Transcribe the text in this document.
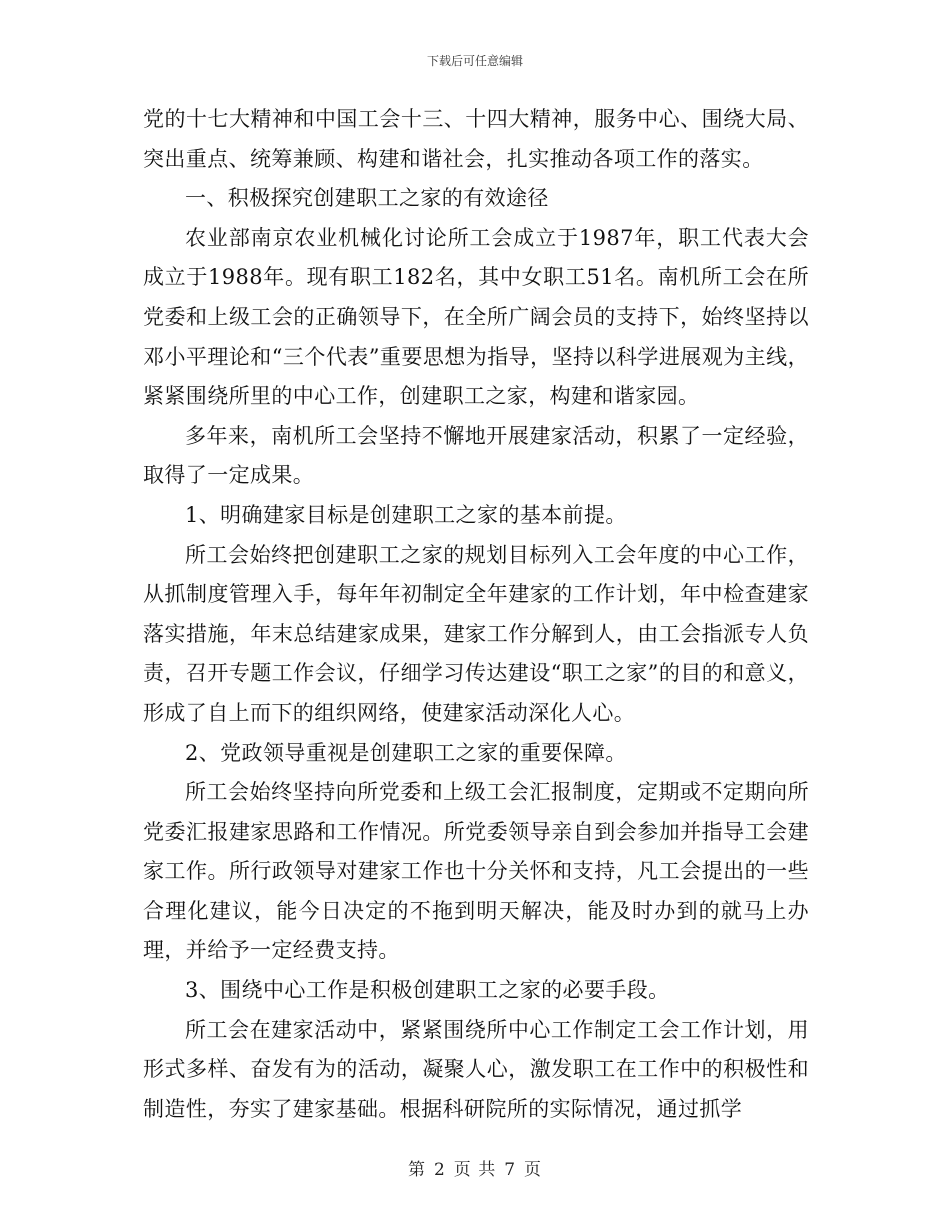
下载后可任意编辑

党的十七大精神和中国工会十三、十四大精神，服务中心、围绕大局、突出重点、统筹兼顾、构建和谐社会，扎实推动各项工作的落实。

一、积极探究创建职工之家的有效途径

农业部南京农业机械化讨论所工会成立于1987年，职工代表大会成立于1988年。现有职工182名，其中女职工51名。南机所工会在所党委和上级工会的正确领导下，在全所广阔会员的支持下，始终坚持以邓小平理论和“三个代表”重要思想为指导，坚持以科学进展观为主线，紧紧围绕所里的中心工作，创建职工之家，构建和谐家园。

多年来，南机所工会坚持不懈地开展建家活动，积累了一定经验，取得了一定成果。

1、明确建家目标是创建职工之家的基本前提。

所工会始终把创建职工之家的规划目标列入工会年度的中心工作，从抓制度管理入手，每年年初制定全年建家的工作计划，年中检查建家落实措施，年末总结建家成果，建家工作分解到人，由工会指派专人负责，召开专题工作会议，仔细学习传达建设“职工之家”的目的和意义，形成了自上而下的组织网络，使建家活动深化人心。

2、党政领导重视是创建职工之家的重要保障。

所工会始终坚持向所党委和上级工会汇报制度，定期或不定期向所党委汇报建家思路和工作情况。所党委领导亲自到会参加并指导工会建家工作。所行政领导对建家工作也十分关怀和支持，凡工会提出的一些合理化建议，能今日决定的不拖到明天解决，能及时办到的就马上办理，并给予一定经费支持。

3、围绕中心工作是积极创建职工之家的必要手段。

所工会在建家活动中，紧紧围绕所中心工作制定工会工作计划，用形式多样、奋发有为的活动，凝聚人心，激发职工在工作中的积极性和制造性，夯实了建家基础。根据科研院所的实际情况，通过抓学

第 2 页 共 7 页
